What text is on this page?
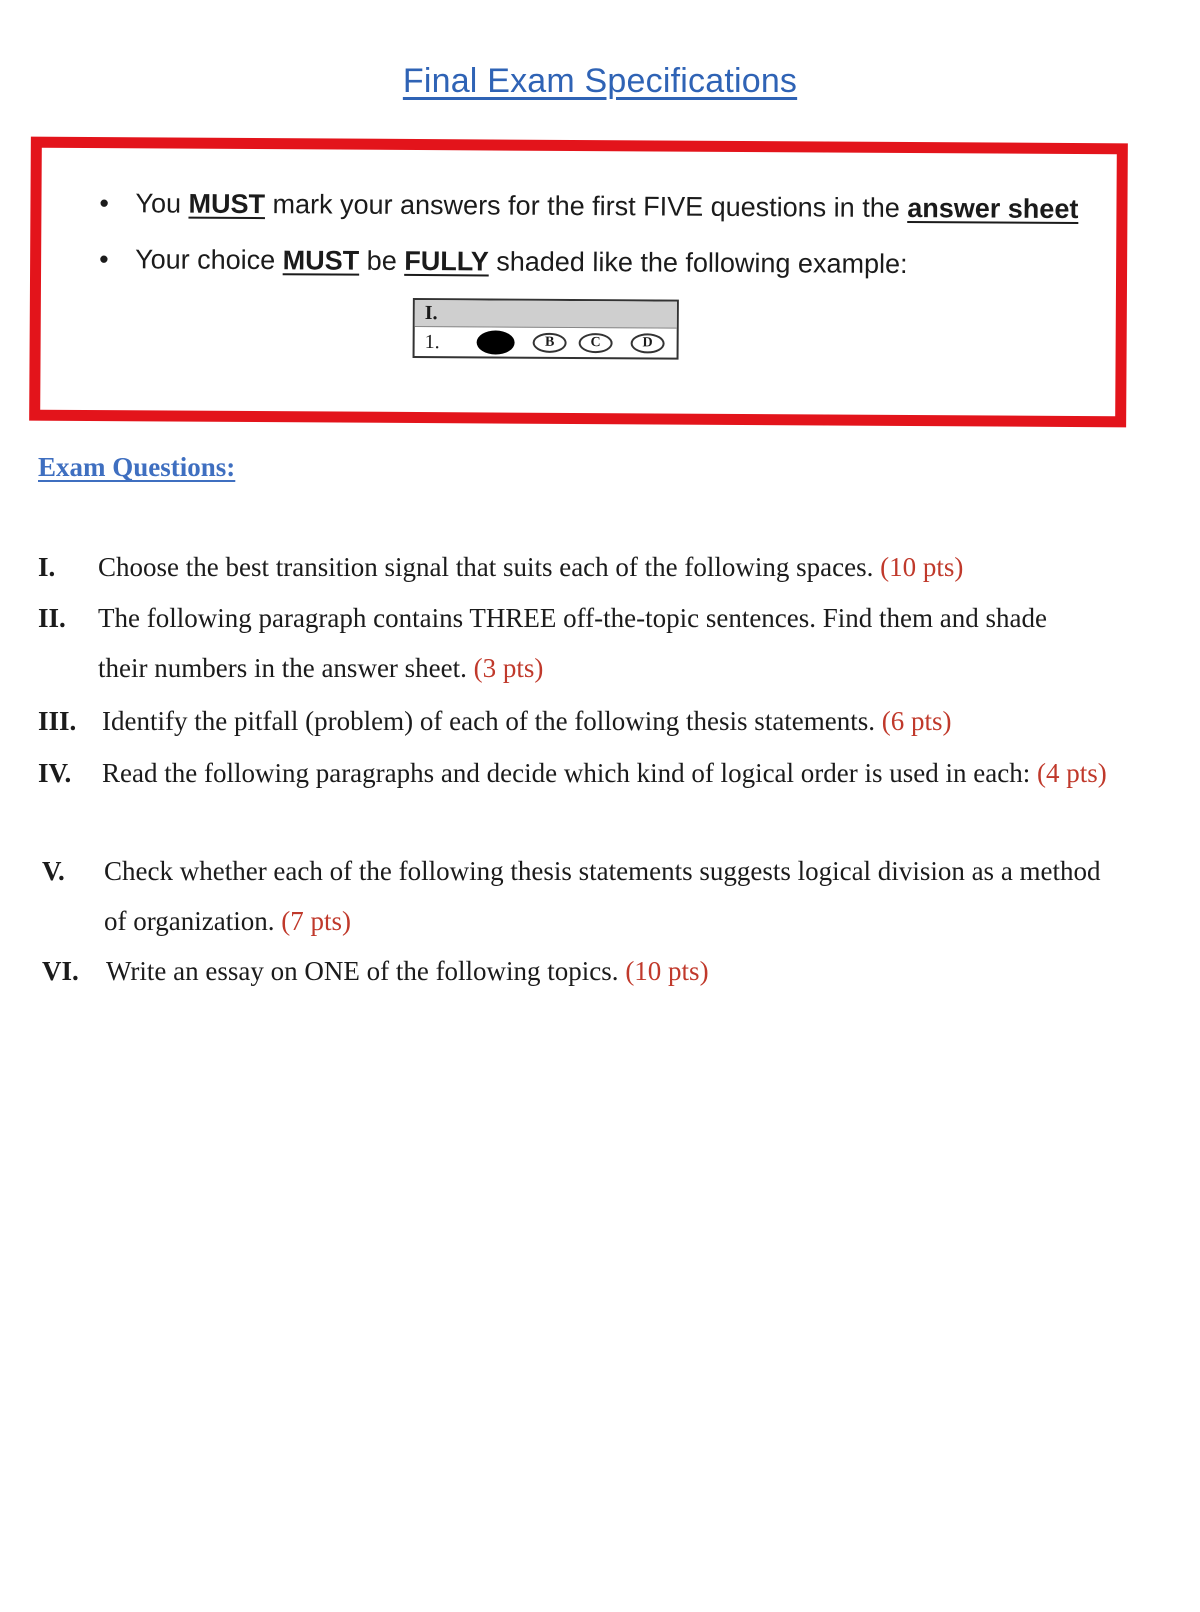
Final Exam Specifications
• You MUST mark your answers for the first FIVE questions in the answer sheet
• Your choice MUST be FULLY shaded like the following example:
I.
1.	B	C	D
Exam Questions:
I.	Choose the best transition signal that suits each of the following spaces. (10 pts)
II.	The following paragraph contains THREE off-the-topic sentences. Find them and shade their numbers in the answer sheet. (3 pts)
III. Identify the pitfall (problem) of each of the following thesis statements. (6 pts)
IV.	Read the following paragraphs and decide which kind of logical order is used in each: (4 pts)
V.	Check whether each of the following thesis statements suggests logical division as a method of organization. (7 pts)
VI.	Write an essay on ONE of the following topics. (10 pts)
